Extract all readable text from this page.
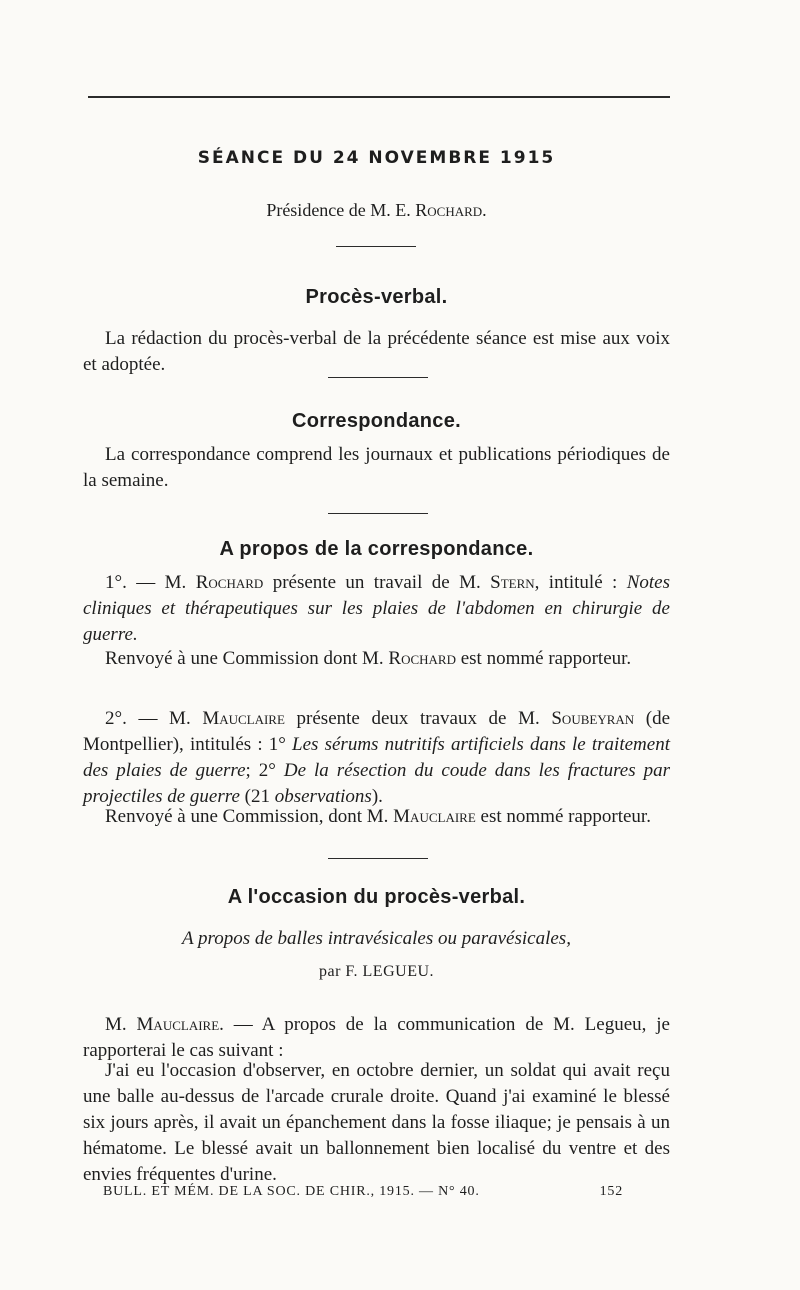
SÉANCE DU 24 NOVEMBRE 1915
Présidence de M. E. Rochard.
Procès-verbal.
La rédaction du procès-verbal de la précédente séance est mise aux voix et adoptée.
Correspondance.
La correspondance comprend les journaux et publications périodiques de la semaine.
A propos de la correspondance.
1°. — M. Rochard présente un travail de M. Stern, intitulé : Notes cliniques et thérapeutiques sur les plaies de l'abdomen en chirurgie de guerre.
Renvoyé à une Commission dont M. Rochard est nommé rapporteur.
2°. — M. Mauclaire présente deux travaux de M. Soubeyran (de Montpellier), intitulés : 1° Les sérums nutritifs artificiels dans le traitement des plaies de guerre; 2° De la résection du coude dans les fractures par projectiles de guerre (21 observations).
Renvoyé à une Commission, dont M. Mauclaire est nommé rapporteur.
A l'occasion du procès-verbal.
A propos de balles intravésicales ou paravésicales,
par F. LEGUEU.
M. Mauclaire. — A propos de la communication de M. Legueu, je rapporterai le cas suivant :
J'ai eu l'occasion d'observer, en octobre dernier, un soldat qui avait reçu une balle au-dessus de l'arcade crurale droite. Quand j'ai examiné le blessé six jours après, il avait un épanchement dans la fosse iliaque; je pensais à un hématome. Le blessé avait un ballonnement bien localisé du ventre et des envies fréquentes d'urine.
BULL. ET MÉM. DE LA SOC. DE CHIR., 1915. — N° 40.	152
